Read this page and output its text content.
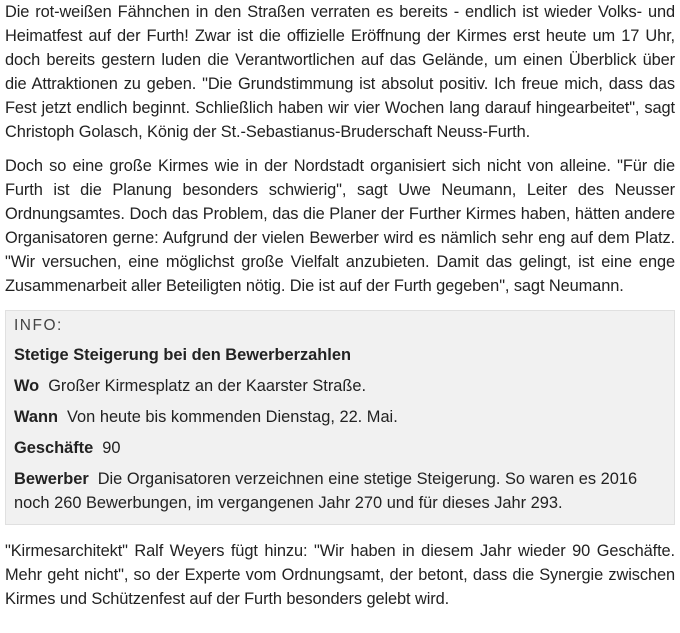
Die rot-weißen Fähnchen in den Straßen verraten es bereits - endlich ist wieder Volks- und Heimatfest auf der Furth! Zwar ist die offizielle Eröffnung der Kirmes erst heute um 17 Uhr, doch bereits gestern luden die Verantwortlichen auf das Gelände, um einen Überblick über die Attraktionen zu geben. "Die Grundstimmung ist absolut positiv. Ich freue mich, dass das Fest jetzt endlich beginnt. Schließlich haben wir vier Wochen lang darauf hingearbeitet", sagt Christoph Golasch, König der St.-Sebastianus-Bruderschaft Neuss-Furth.

Doch so eine große Kirmes wie in der Nordstadt organisiert sich nicht von alleine. "Für die Furth ist die Planung besonders schwierig", sagt Uwe Neumann, Leiter des Neusser Ordnungsamtes. Doch das Problem, das die Planer der Further Kirmes haben, hätten andere Organisatoren gerne: Aufgrund der vielen Bewerber wird es nämlich sehr eng auf dem Platz. "Wir versuchen, eine möglichst große Vielfalt anzubieten. Damit das gelingt, ist eine enge Zusammenarbeit aller Beteiligten nötig. Die ist auf der Furth gegeben", sagt Neumann.

INFO:
Stetige Steigerung bei den Bewerberzahlen
Wo Großer Kirmesplatz an der Kaarster Straße.
Wann Von heute bis kommenden Dienstag, 22. Mai.
Geschäfte 90
Bewerber Die Organisatoren verzeichnen eine stetige Steigerung. So waren es 2016 noch 260 Bewerbungen, im vergangenen Jahr 270 und für dieses Jahr 293.

"Kirmesarchitekt" Ralf Weyers fügt hinzu: "Wir haben in diesem Jahr wieder 90 Geschäfte. Mehr geht nicht", so der Experte vom Ordnungsamt, der betont, dass die Synergie zwischen Kirmes und Schützenfest auf der Furth besonders gelebt wird.
